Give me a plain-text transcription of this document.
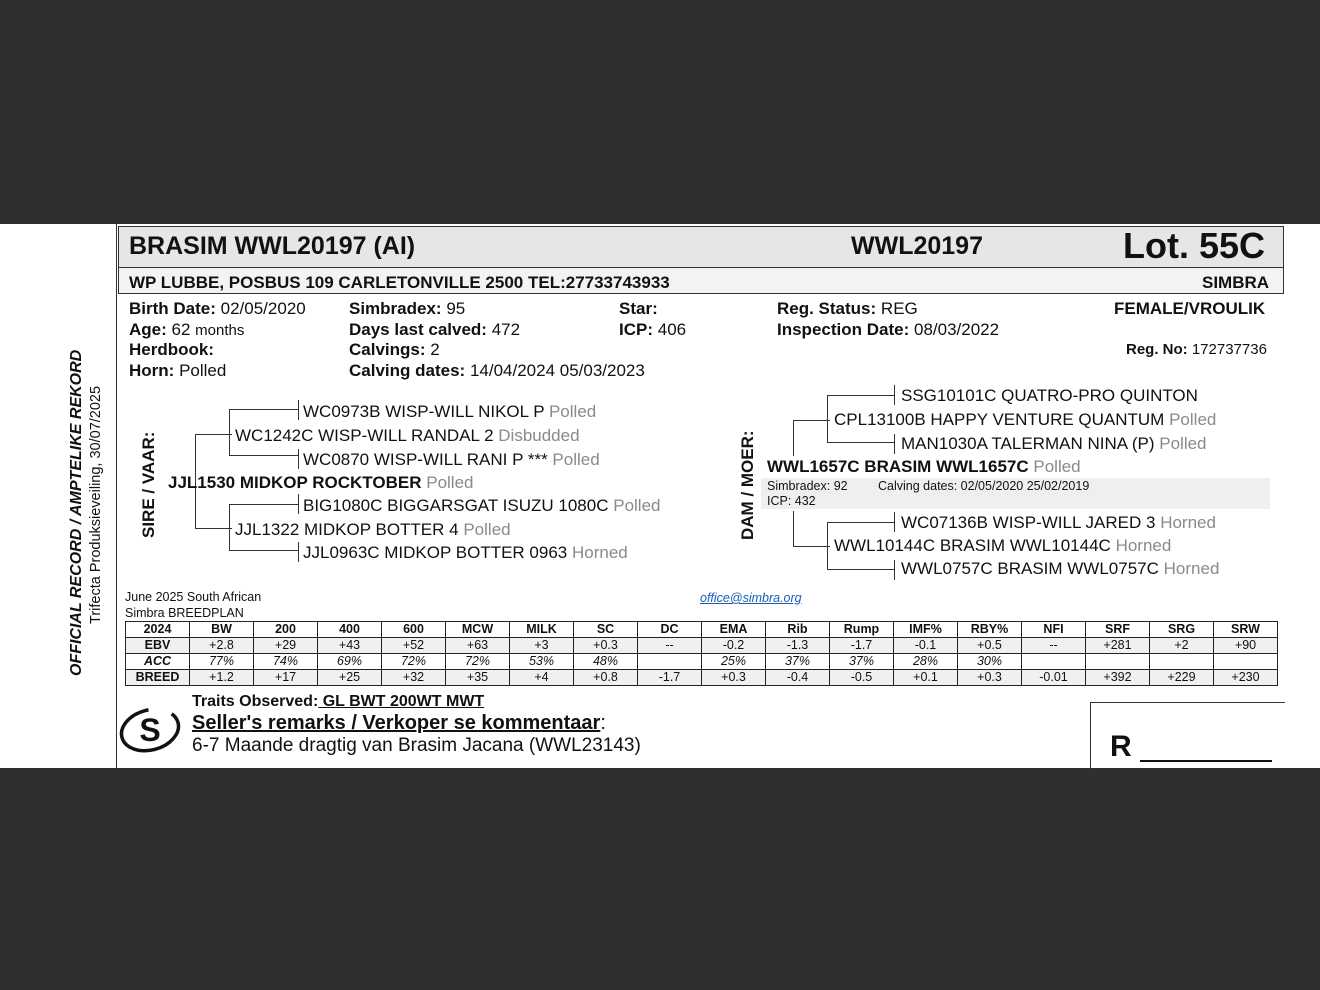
OFFICIAL RECORD / AMPTELIKE REKORD Trifecta Produksieveiling, 30/07/2025
BRASIM WWL20197 (AI)	WWL20197	Lot. 55C
WP LUBBE, POSBUS 109 CARLETONVILLE 2500 TEL:27733743933	SIMBRA
Birth Date: 02/05/2020
Age: 62 months
Herdbook:
Horn: Polled
Simbradex: 95
Days last calved: 472
Calvings: 2
Calving dates: 14/04/2024 05/03/2023
Star:
ICP: 406
Reg. Status: REG
Inspection Date: 08/03/2022
FEMALE/VROULIK
Reg. No: 172737736
SIRE / VAAR:
WC0973B WISP-WILL NIKOL P Polled
WC1242C WISP-WILL RANDAL 2 Disbudded
WC0870 WISP-WILL RANI P *** Polled
JJL1530 MIDKOP ROCKTOBER Polled
BIG1080C BIGGARSGAT ISUZU 1080C Polled
JJL1322 MIDKOP BOTTER 4 Polled
JJL0963C MIDKOP BOTTER 0963 Horned
DAM / MOER:
SSG10101C QUATRO-PRO QUINTON
CPL13100B HAPPY VENTURE QUANTUM Polled
MAN1030A TALERMAN NINA (P) Polled
WWL1657C BRASIM WWL1657C Polled
Simbradex: 92 Calving dates: 02/05/2020 25/02/2019
ICP: 432
WC07136B WISP-WILL JARED 3 Horned
WWL10144C BRASIM WWL10144C Horned
WWL0757C BRASIM WWL0757C Horned
June 2025 South African
Simbra BREEDPLAN
office@simbra.org
2024	BW	200	400	600	MCW	MILK	SC	DC	EMA	Rib	Rump	IMF%	RBY%	NFI	SRF	SRG	SRW
EBV	+2.8	+29	+43	+52	+63	+3	+0.3	--	-0.2	-1.3	-1.7	-0.1	+0.5	--	+281	+2	+90
ACC	77%	74%	69%	72%	72%	53%	48%		25%	37%	37%	28%	30%				
BREED	+1.2	+17	+25	+32	+35	+4	+0.8	-1.7	+0.3	-0.4	-0.5	+0.1	+0.3	-0.01	+392	+229	+230
S
Traits Observed: GL BWT 200WT MWT
Seller's remarks / Verkoper se kommentaar:
6-7 Maande dragtig van Brasim Jacana (WWL23143)	R
